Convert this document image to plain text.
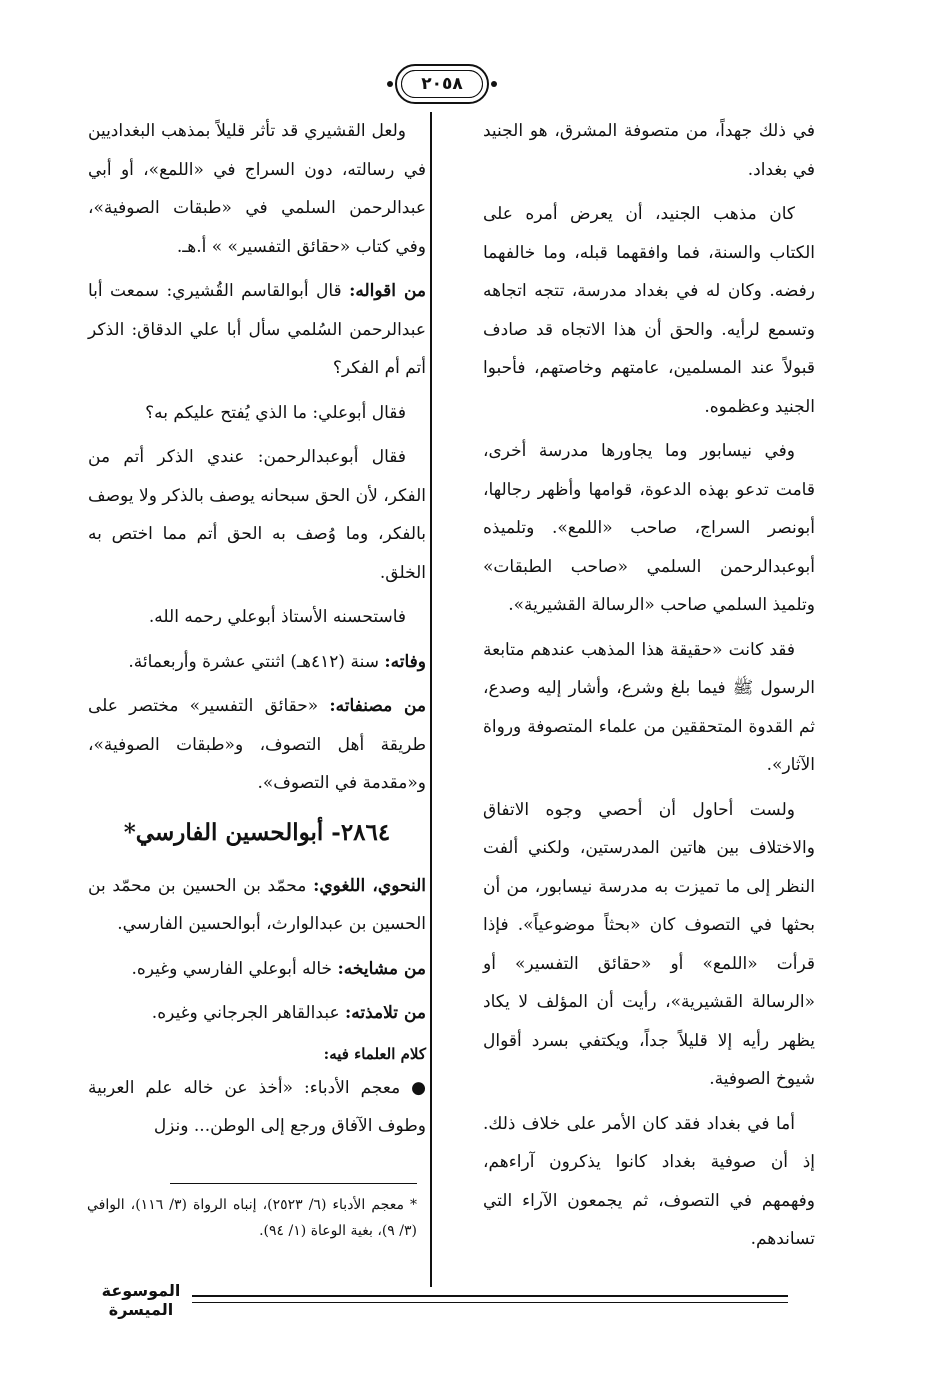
٢٠٥٨

في ذلك جهداً، من متصوفة المشرق، هو الجنيد في بغداد.

كان مذهب الجنيد، أن يعرض أمره على الكتاب والسنة، فما وافقهما قبله، وما خالفهما رفضه. وكان له في بغداد مدرسة، تتجه اتجاهه وتسمع لرأيه. والحق أن هذا الاتجاه قد صادف قبولاً عند المسلمين، عامتهم وخاصتهم، فأحبوا الجنيد وعظموه.

وفي نيسابور وما يجاورها مدرسة أخرى، قامت تدعو بهذه الدعوة، قوامها وأظهر رجالها، أبونصر السراج، صاحب «اللمع». وتلميذه أبوعبدالرحمن السلمي «صاحب الطبقات» وتلميذ السلمي صاحب «الرسالة القشيرية».

فقد كانت «حقيقة هذا المذهب عندهم متابعة الرسول ﷺ فيما بلغ وشرع، وأشار إليه وصدع، ثم القدوة المتحققين من علماء المتصوفة ورواة الآثار».

ولست أحاول أن أحصي وجوه الاتفاق والاختلاف بين هاتين المدرستين، ولكني ألفت النظر إلى ما تميزت به مدرسة نيسابور، من أن بحثها في التصوف كان «بحثاً موضوعياً». فإذا قرأت «اللمع» أو «حقائق التفسير» أو «الرسالة القشيرية»، رأيت أن المؤلف لا يكاد يظهر رأيه إلا قليلاً جداً، ويكتفي بسرد أقوال شيوخ الصوفية.

أما في بغداد فقد كان الأمر على خلاف ذلك. إذ أن صوفية بغداد كانوا يذكرون آراءهم، وفهمهم في التصوف، ثم يجمعون الآراء التي تساندهم.

ولعل القشيري قد تأثر قليلاً بمذهب البغداديين في رسالته، دون السراج في «اللمع»، أو أبي عبدالرحمن السلمي في «طبقات الصوفية»، وفي كتاب «حقائق التفسير» » أ.هـ.

من اقواله: قال أبوالقاسم القُشيري: سمعت أبا عبدالرحمن السُلمي سأل أبا علي الدقاق: الذكر أتم أم الفكر؟

فقال أبوعلي: ما الذي يُفتح عليكم به؟

فقال أبوعبدالرحمن: عندي الذكر أتم من الفكر، لأن الحق سبحانه يوصف بالذكر ولا يوصف بالفكر، وما وُصف به الحق أتم مما اختص به الخلق.

فاستحسنه الأستاذ أبوعلي رحمه الله.

وفاته: سنة (٤١٢هـ) اثنتي عشرة وأربعمائة.

من مصنفاته: «حقائق التفسير» مختصر على طريقة أهل التصوف، و«طبقات الصوفية»، و«مقدمة في التصوف».

٢٨٦٤- أبوالحسين الفارسي*

النحوي، اللغوي: محمّد بن الحسين بن محمّد بن الحسين بن عبدالوارث، أبوالحسين الفارسي.

من مشايخه: خاله أبوعلي الفارسي وغيره.

من تلامذته: عبدالقاهر الجرجاني وغيره.

كلام العلماء فيه:

● معجم الأدباء: «أخذ عن خاله علم العربية وطوف الآفاق ورجع إلى الوطن... ونزل

* معجم الأدباء (٦/ ٢٥٢٣)، إنباه الرواة (٣/ ١١٦)، الوافي (٣/ ٩)، بغية الوعاة (١/ ٩٤).
الموسوعة الميسرة
